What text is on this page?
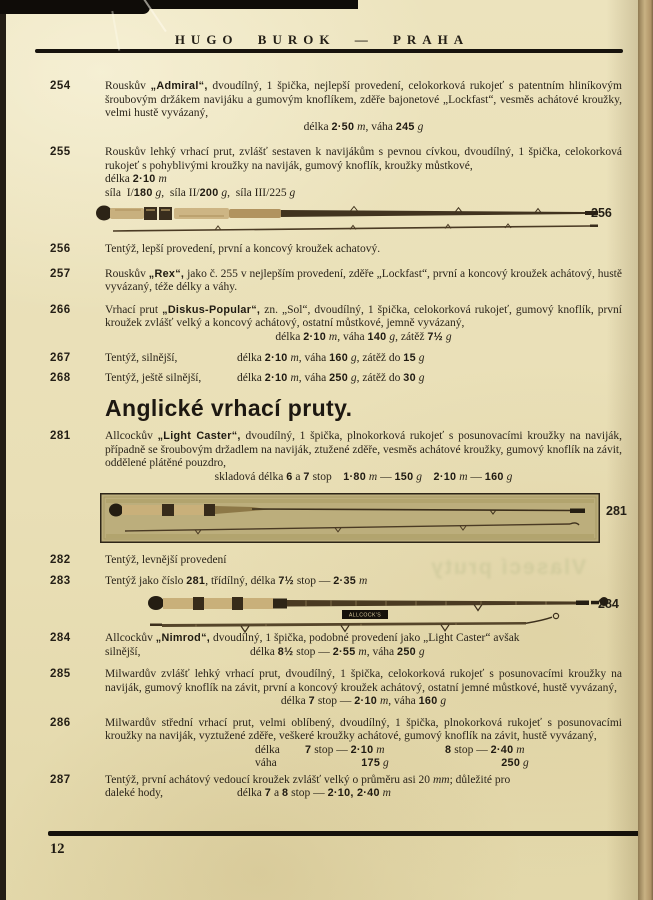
HUGO BUROK — PRAHA
Vlasecí pruty
254	Rouskův „Admiral“, dvoudílný, 1 špička, nejlepší provedení, celokorková rukojeť s patentním hliníkovým šroubovým držákem navijáku a gumovým knoflíkem, zděře bajonetové „Lockfast“, vesměs achátové kroužky, velmi hustě vyvázaný,

délka 2·50 m, váha 245 g

255	Rouskův lehký vrhací prut, zvlášť sestaven k navijákům s pevnou cívkou, dvoudílný, 1 špička, celokorková rukojeť s pohyblivými kroužky na naviják, gumový knoflík, kroužky můstkové,

délka 2·10 m

síla I/180 g, síla II/200 g, síla III/225 g

256
256	Tentýž, lepší provedení, první a koncový kroužek achatový.

257	Rouskův „Rex“, jako č. 255 v nejlepším provedení, zděře „Lockfast“, první a koncový kroužek achátový, hustě vyvázaný, téže délky a váhy.

266	Vrhací prut „Diskus-Popular“, zn. „Sol“, dvoudílný, 1 špička, celokorková rukojeť, gumový knoflík, první kroužek zvlášť velký a koncový achátový, ostatní můstkové, jemně vyvázaný,

délka 2·10 m, váha 140 g, zátěž 7½ g

267	Tentýž, silnější,	délka 2·10 m, váha 160 g, zátěž do 15 g
268	Tentýž, ještě silnější,	délka 2·10 m, váha 250 g, zátěž do 30 g
Anglické vrhací pruty.
281	Allcockův „Light Caster“, dvoudílný, 1 špička, plnokorková rukojeť s posunovacími kroužky na naviják, případně se šroubovým držadlem na naviják, ztužené zděře, vesměs achátové kroužky, gumový knoflík na závit, oddělené plátěné pouzdro,

skladová délka 6 a 7 stop 1·80 m — 150 g  2·10 m — 160 g

281
282	Tentýž, levnější provedení

283	Tentýž jako číslo 281, třídílný, délka 7½ stop — 2·35 m

ALLCOCK'S
284
284	Allcockův „Nimrod“, dvoudílný, 1 špička, podobné provedení jako „Light Caster“ avšak

silnější,	délka 8½ stop — 2·55 m, váha 250 g
285	Milwardův zvlášť lehký vrhací prut, dvoudílný, 1 špička, celokorková rukojeť s posunovacími kroužky na naviják, gumový knoflík na závit, první a koncový kroužek achátový, ostatní jemné můstkové, hustě vyvázaný,

délka 7 stop — 2·10 m, váha 160 g

286	Milwardův střední vrhací prut, velmi oblíbený, dvoudílný, 1 špička, plnokorková rukojeť s posunovacími kroužky na naviják, vyztužené zděře, veškeré kroužky achátové, gumový knoflík na závit, hustě vyvázaný,

délka	7 stop — 2·10 m	8 stop — 2·40 m
váha	175 g	250 g
287	Tentýž, první achátový vedoucí kroužek zvlášť velký o průměru asi 20 mm; důležité pro

daleké hody,	délka 7 a 8 stop — 2·10, 2·40 m
12
